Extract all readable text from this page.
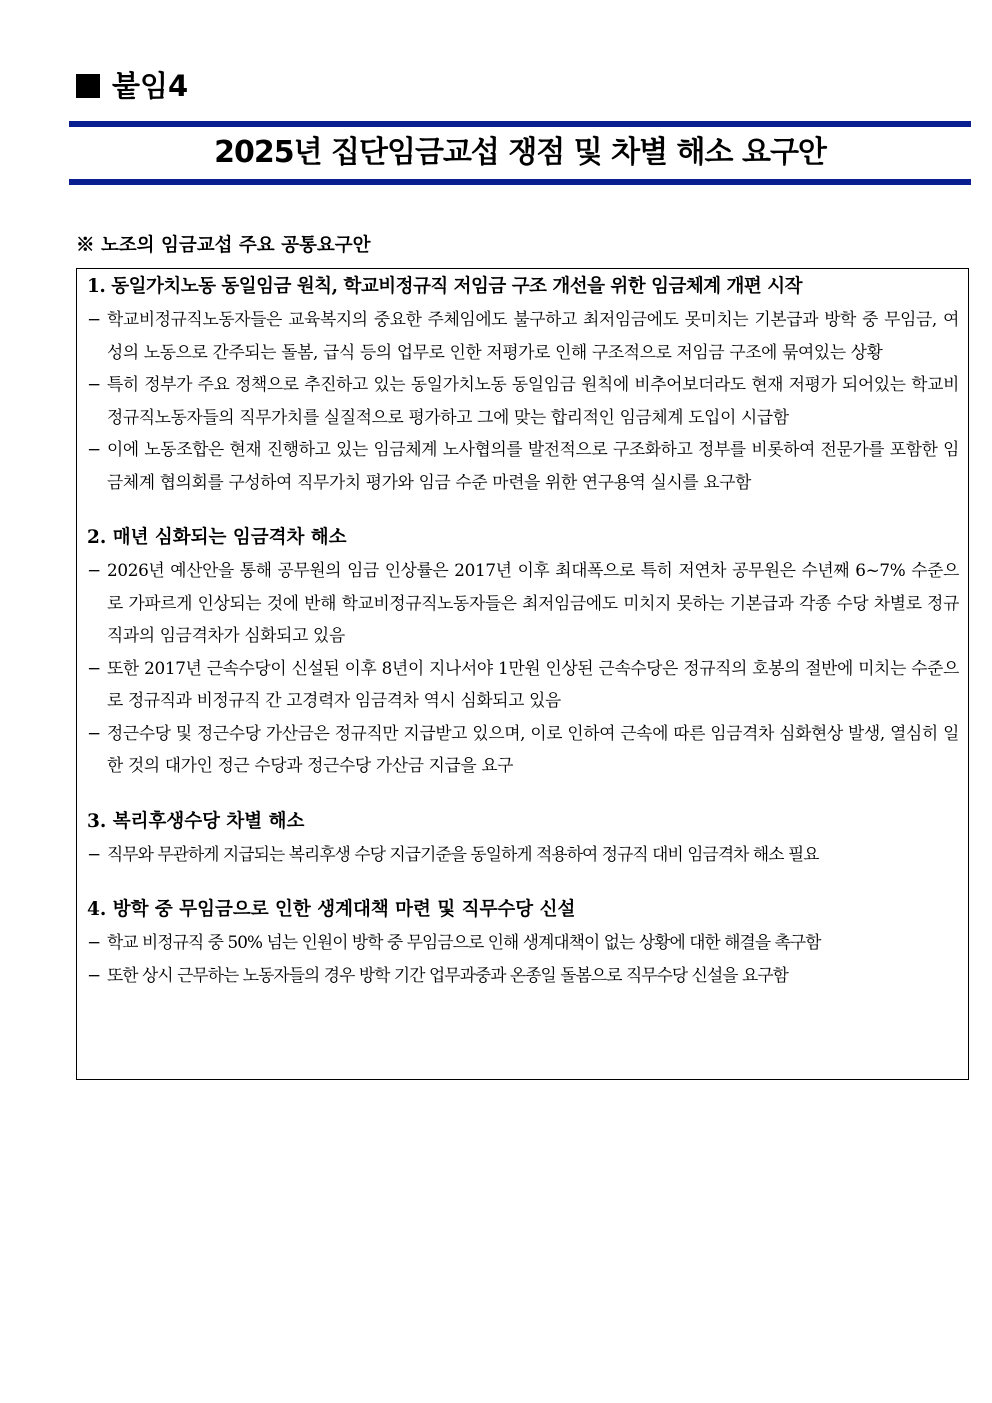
붙임4
2025년 집단임금교섭 쟁점 및 차별 해소 요구안

※ 노조의 임금교섭 주요 공통요구안

1. 동일가치노동 동일임금 원칙, 학교비정규직 저임금 구조 개선을 위한 임금체계 개편 시작

− 학교비정규직노동자들은 교육복지의 중요한 주체임에도 불구하고 최저임금에도 못미치는 기본급과 방학 중 무임금, 여성의 노동으로 간주되는 돌봄, 급식 등의 업무로 인한 저평가로 인해 구조적으로 저임금 구조에 묶여있는 상황
− 특히 정부가 주요 정책으로 추진하고 있는 동일가치노동 동일임금 원칙에 비추어보더라도 현재 저평가 되어있는 학교비정규직노동자들의 직무가치를 실질적으로 평가하고 그에 맞는 합리적인 임금체계 도입이 시급함
− 이에 노동조합은 현재 진행하고 있는 임금체계 노사협의를 발전적으로 구조화하고 정부를 비롯하여 전문가를 포함한 임금체계 협의회를 구성하여 직무가치 평가와 임금 수준 마련을 위한 연구용역 실시를 요구함

2. 매년 심화되는 임금격차 해소

− 2026년 예산안을 통해 공무원의 임금 인상률은 2017년 이후 최대폭으로 특히 저연차 공무원은 수년째 6~7% 수준으로 가파르게 인상되는 것에 반해 학교비정규직노동자들은 최저임금에도 미치지 못하는 기본급과 각종 수당 차별로 정규직과의 임금격차가 심화되고 있음
− 또한 2017년 근속수당이 신설된 이후 8년이 지나서야 1만원 인상된 근속수당은 정규직의 호봉의 절반에 미치는 수준으로 정규직과 비정규직 간 고경력자 임금격차 역시 심화되고 있음
− 정근수당 및 정근수당 가산금은 정규직만 지급받고 있으며, 이로 인하여 근속에 따른 임금격차 심화현상 발생, 열심히 일한 것의 대가인 정근 수당과 정근수당 가산금 지급을 요구

3. 복리후생수당 차별 해소

− 직무와 무관하게 지급되는 복리후생 수당 지급기준을 동일하게 적용하여 정규직 대비 임금격차 해소 필요

4. 방학 중 무임금으로 인한 생계대책 마련 및 직무수당 신설

− 학교 비정규직 중 50% 넘는 인원이 방학 중 무임금으로 인해 생계대책이 없는 상황에 대한 해결을 촉구함
− 또한 상시 근무하는 노동자들의 경우 방학 기간 업무과중과 온종일 돌봄으로 직무수당 신설을 요구함
